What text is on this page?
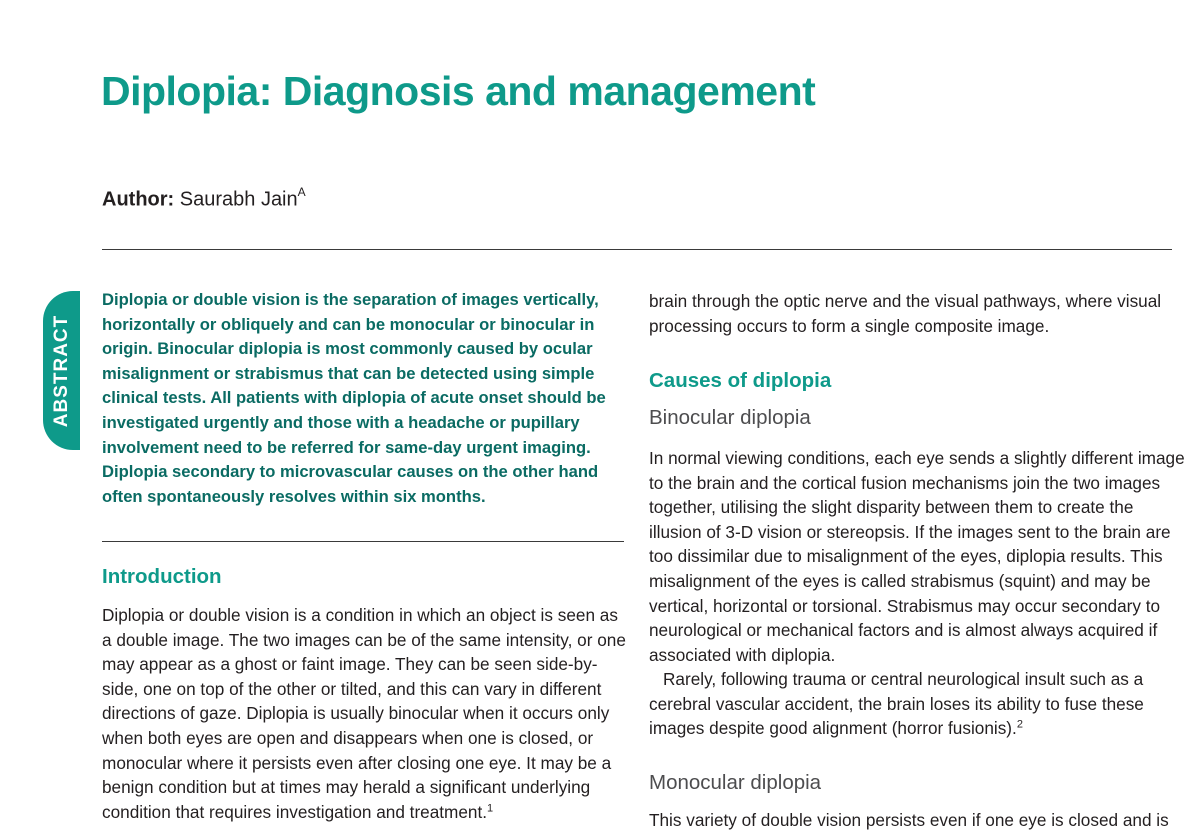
Diplopia: Diagnosis and management
Author: Saurabh Jain$^A$
ABSTRACT

Diplopia or double vision is the separation of images vertically, horizontally or obliquely and can be monocular or binocular in origin. Binocular diplopia is most commonly caused by ocular misalignment or strabismus that can be detected using simple clinical tests. All patients with diplopia of acute onset should be investigated urgently and those with a headache or pupillary involvement need to be referred for same-day urgent imaging. Diplopia secondary to microvascular causes on the other hand often spontaneously resolves within six months.

Introduction

Diplopia or double vision is a condition in which an object is seen as a double image. The two images can be of the same intensity, or one may appear as a ghost or faint image. They can be seen side-by-side, one on top of the other or tilted, and this can vary in different directions of gaze. Diplopia is usually binocular when it occurs only when both eyes are open and disappears when one is closed, or monocular where it persists even after closing one eye. It may be a benign condition but at times may herald a significant underlying condition that requires investigation and treatment.$^1$

brain through the optic nerve and the visual pathways, where visual processing occurs to form a single composite image.

Causes of diplopia
Binocular diplopia

In normal viewing conditions, each eye sends a slightly different image to the brain and the cortical fusion mechanisms join the two images together, utilising the slight disparity between them to create the illusion of 3-D vision or stereopsis. If the images sent to the brain are too dissimilar due to misalignment of the eyes, diplopia results. This misalignment of the eyes is called strabismus (squint) and may be vertical, horizontal or torsional. Strabismus may occur secondary to neurological or mechanical factors and is almost always acquired if associated with diplopia.

Rarely, following trauma or central neurological insult such as a cerebral vascular accident, the brain loses its ability to fuse these images despite good alignment (horror fusionis).$^2$

Monocular diplopia

This variety of double vision persists even if one eye is closed and is
